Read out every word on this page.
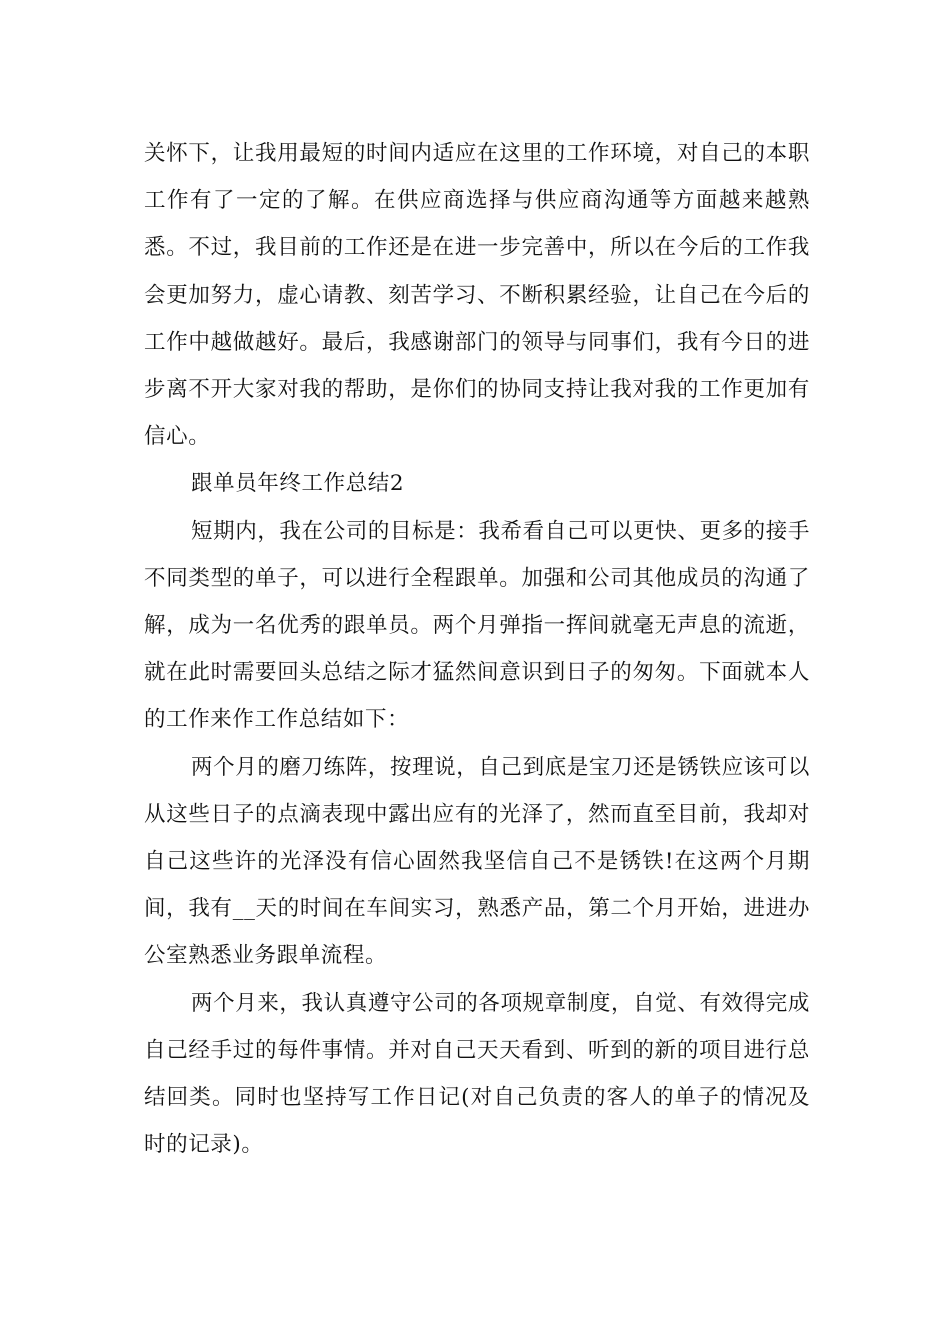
关怀下，让我用最短的时间内适应在这里的工作环境，对自己的本职工作有了一定的了解。在供应商选择与供应商沟通等方面越来越熟悉。不过，我目前的工作还是在进一步完善中，所以在今后的工作我会更加努力，虚心请教、刻苦学习、不断积累经验，让自己在今后的工作中越做越好。最后，我感谢部门的领导与同事们，我有今日的进步离不开大家对我的帮助，是你们的协同支持让我对我的工作更加有信心。

跟单员年终工作总结2

短期内，我在公司的目标是：我希看自己可以更快、更多的接手不同类型的单子，可以进行全程跟单。加强和公司其他成员的沟通了解，成为一名优秀的跟单员。两个月弹指一挥间就毫无声息的流逝，就在此时需要回头总结之际才猛然间意识到日子的匆匆。下面就本人的工作来作工作总结如下：

两个月的磨刀练阵，按理说，自己到底是宝刀还是锈铁应该可以从这些日子的点滴表现中露出应有的光泽了，然而直至目前，我却对自己这些许的光泽没有信心固然我坚信自己不是锈铁!在这两个月期间，我有__天的时间在车间实习，熟悉产品，第二个月开始，进进办公室熟悉业务跟单流程。

两个月来，我认真遵守公司的各项规章制度，自觉、有效得完成自己经手过的每件事情。并对自己天天看到、听到的新的项目进行总结回类。同时也坚持写工作日记(对自己负责的客人的单子的情况及时的记录)。
